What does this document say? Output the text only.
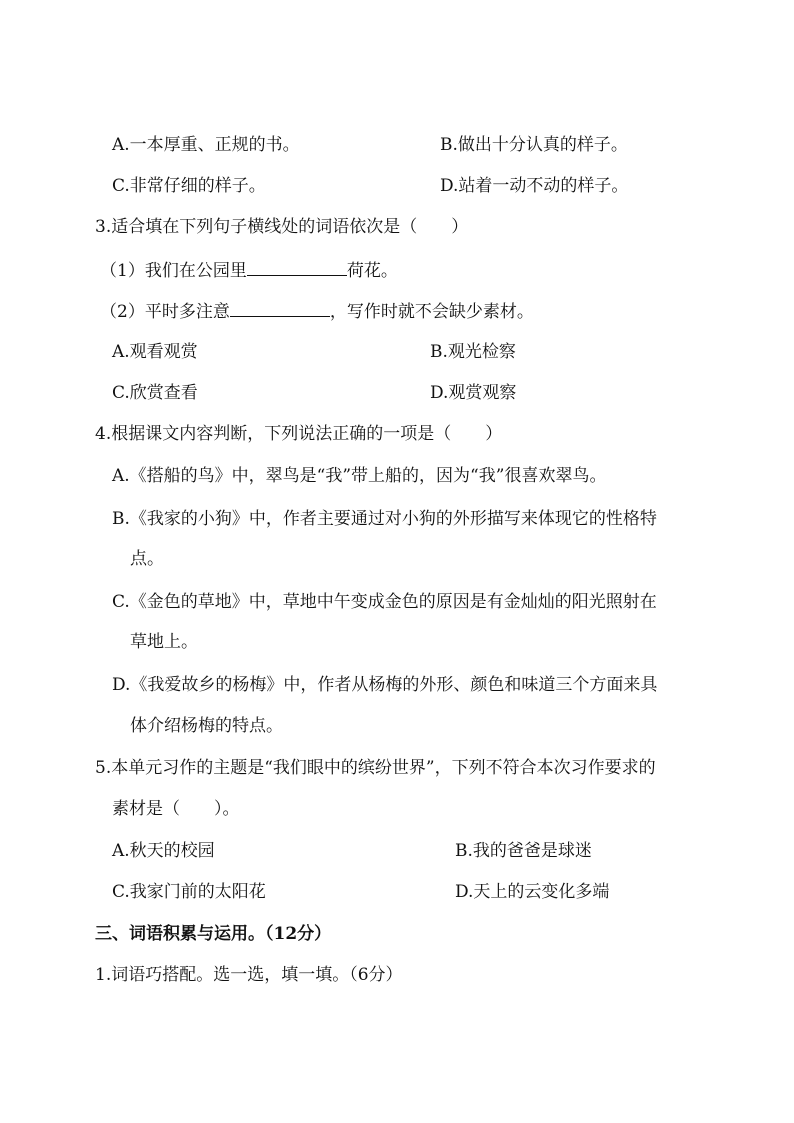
A.一本厚重、正规的书。	B.做出十分认真的样子。
C.非常仔细的样子。	D.站着一动不动的样子。
3.适合填在下列句子横线处的词语依次是（　　）
（1）我们在公园里	荷花。
（2）平时多注意	，写作时就不会缺少素材。
A.观看观赏	B.观光检察
C.欣赏查看	D.观赏观察
4.根据课文内容判断，下列说法正确的一项是（　　）
A.《搭船的鸟》中，翠鸟是“我”带上船的，因为“我”很喜欢翠鸟。
B.《我家的小狗》中，作者主要通过对小狗的外形描写来体现它的性格特
点。
C.《金色的草地》中，草地中午变成金色的原因是有金灿灿的阳光照射在
草地上。
D.《我爱故乡的杨梅》中，作者从杨梅的外形、颜色和味道三个方面来具
体介绍杨梅的特点。
5.本单元习作的主题是“我们眼中的缤纷世界”，下列不符合本次习作要求的
素材是（　　）。
A.秋天的校园	B.我的爸爸是球迷
C.我家门前的太阳花	D.天上的云变化多端
三、词语积累与运用。（12分）
1.词语巧搭配。选一选，填一填。（6分）
